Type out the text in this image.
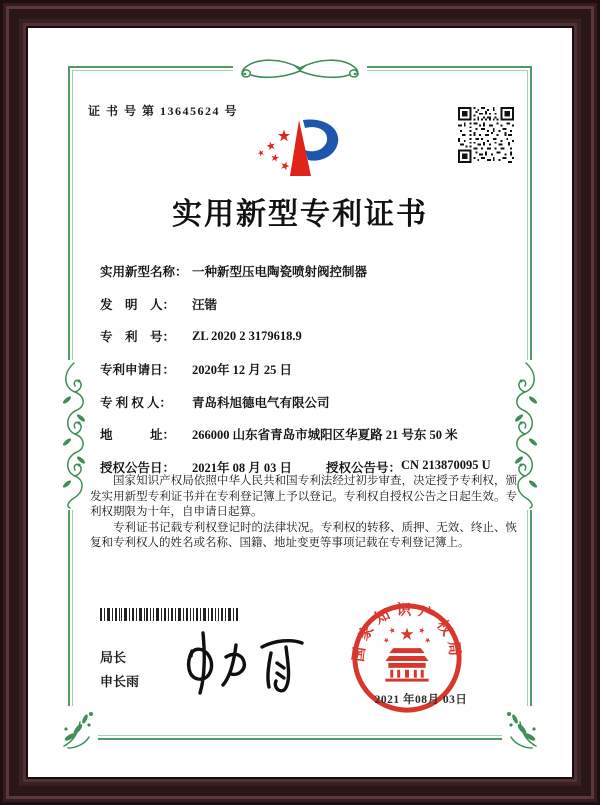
证 书 号 第 13645624 号
实用新型专利证书
实用新型名称： 一种新型压电陶瓷喷射阀控制器
发　明　人：	汪锴
专　利　号：	ZL 2020 2 3179618.9
专利申请日：	2020年 12 月 25 日
专 利 权 人：	青岛科旭德电气有限公司
地　　　址：	266000 山东省青岛市城阳区华夏路 21 号东 50 米
授权公告日：	2021年 08 月 03 日	授权公告号： CN 213870095 U

国家知识产权局依照中华人民共和国专利法经过初步审查，决定授予专利权，颁发实用新型专利证书并在专利登记簿上予以登记。专利权自授权公告之日起生效。专利权期限为十年，自申请日起算。

专利证书记载专利权登记时的法律状况。专利权的转移、质押、无效、终止、恢复和专利权人的姓名或名称、国籍、地址变更等事项记载在专利登记簿上。

局长
申长雨
国家知识产权局
2021 年08月 03日
